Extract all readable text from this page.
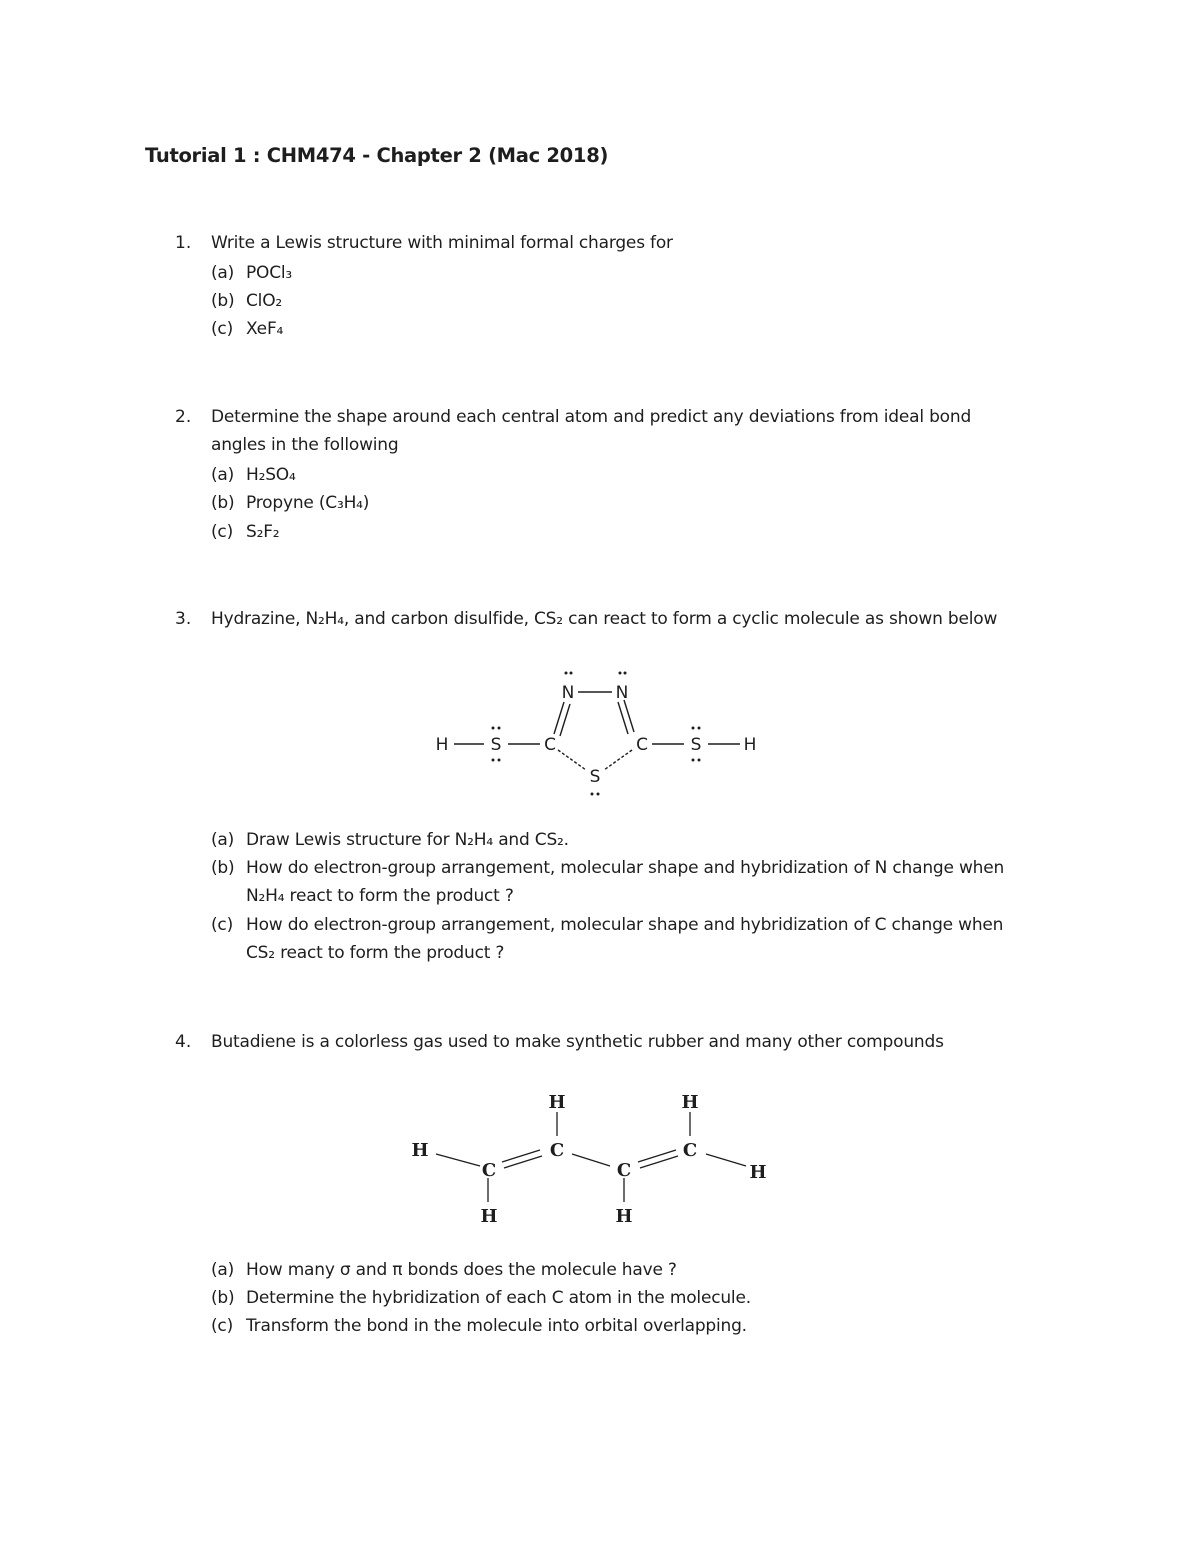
Tutorial 1 : CHM474 - Chapter 2 (Mac 2018)
1. Write a Lewis structure with minimal formal charges for
(a) POCl₃
(b) ClO₂
(c) XeF₄
2. Determine the shape around each central atom and predict any deviations from ideal bond
angles in the following
(a) H₂SO₄
(b) Propyne (C₃H₄)
(c) S₂F₂
3. Hydrazine, N₂H₄, and carbon disulfide, CS₂ can react to form a cyclic molecule as shown below
H S	C
N N
C
S
S H
(a) Draw Lewis structure for N₂H₄ and CS₂.
(b) How do electron-group arrangement, molecular shape and hybridization of N change when
N₂H₄ react to form the product ?
(c) How do electron-group arrangement, molecular shape and hybridization of C change when
CS₂ react to form the product ?
4. Butadiene is a colorless gas used to make synthetic rubber and many other compounds
H
C
H
C
H
C
H
C
H
H
(a) How many σ and π bonds does the molecule have ?
(b) Determine the hybridization of each C atom in the molecule.
(c) Transform the bond in the molecule into orbital overlapping.
